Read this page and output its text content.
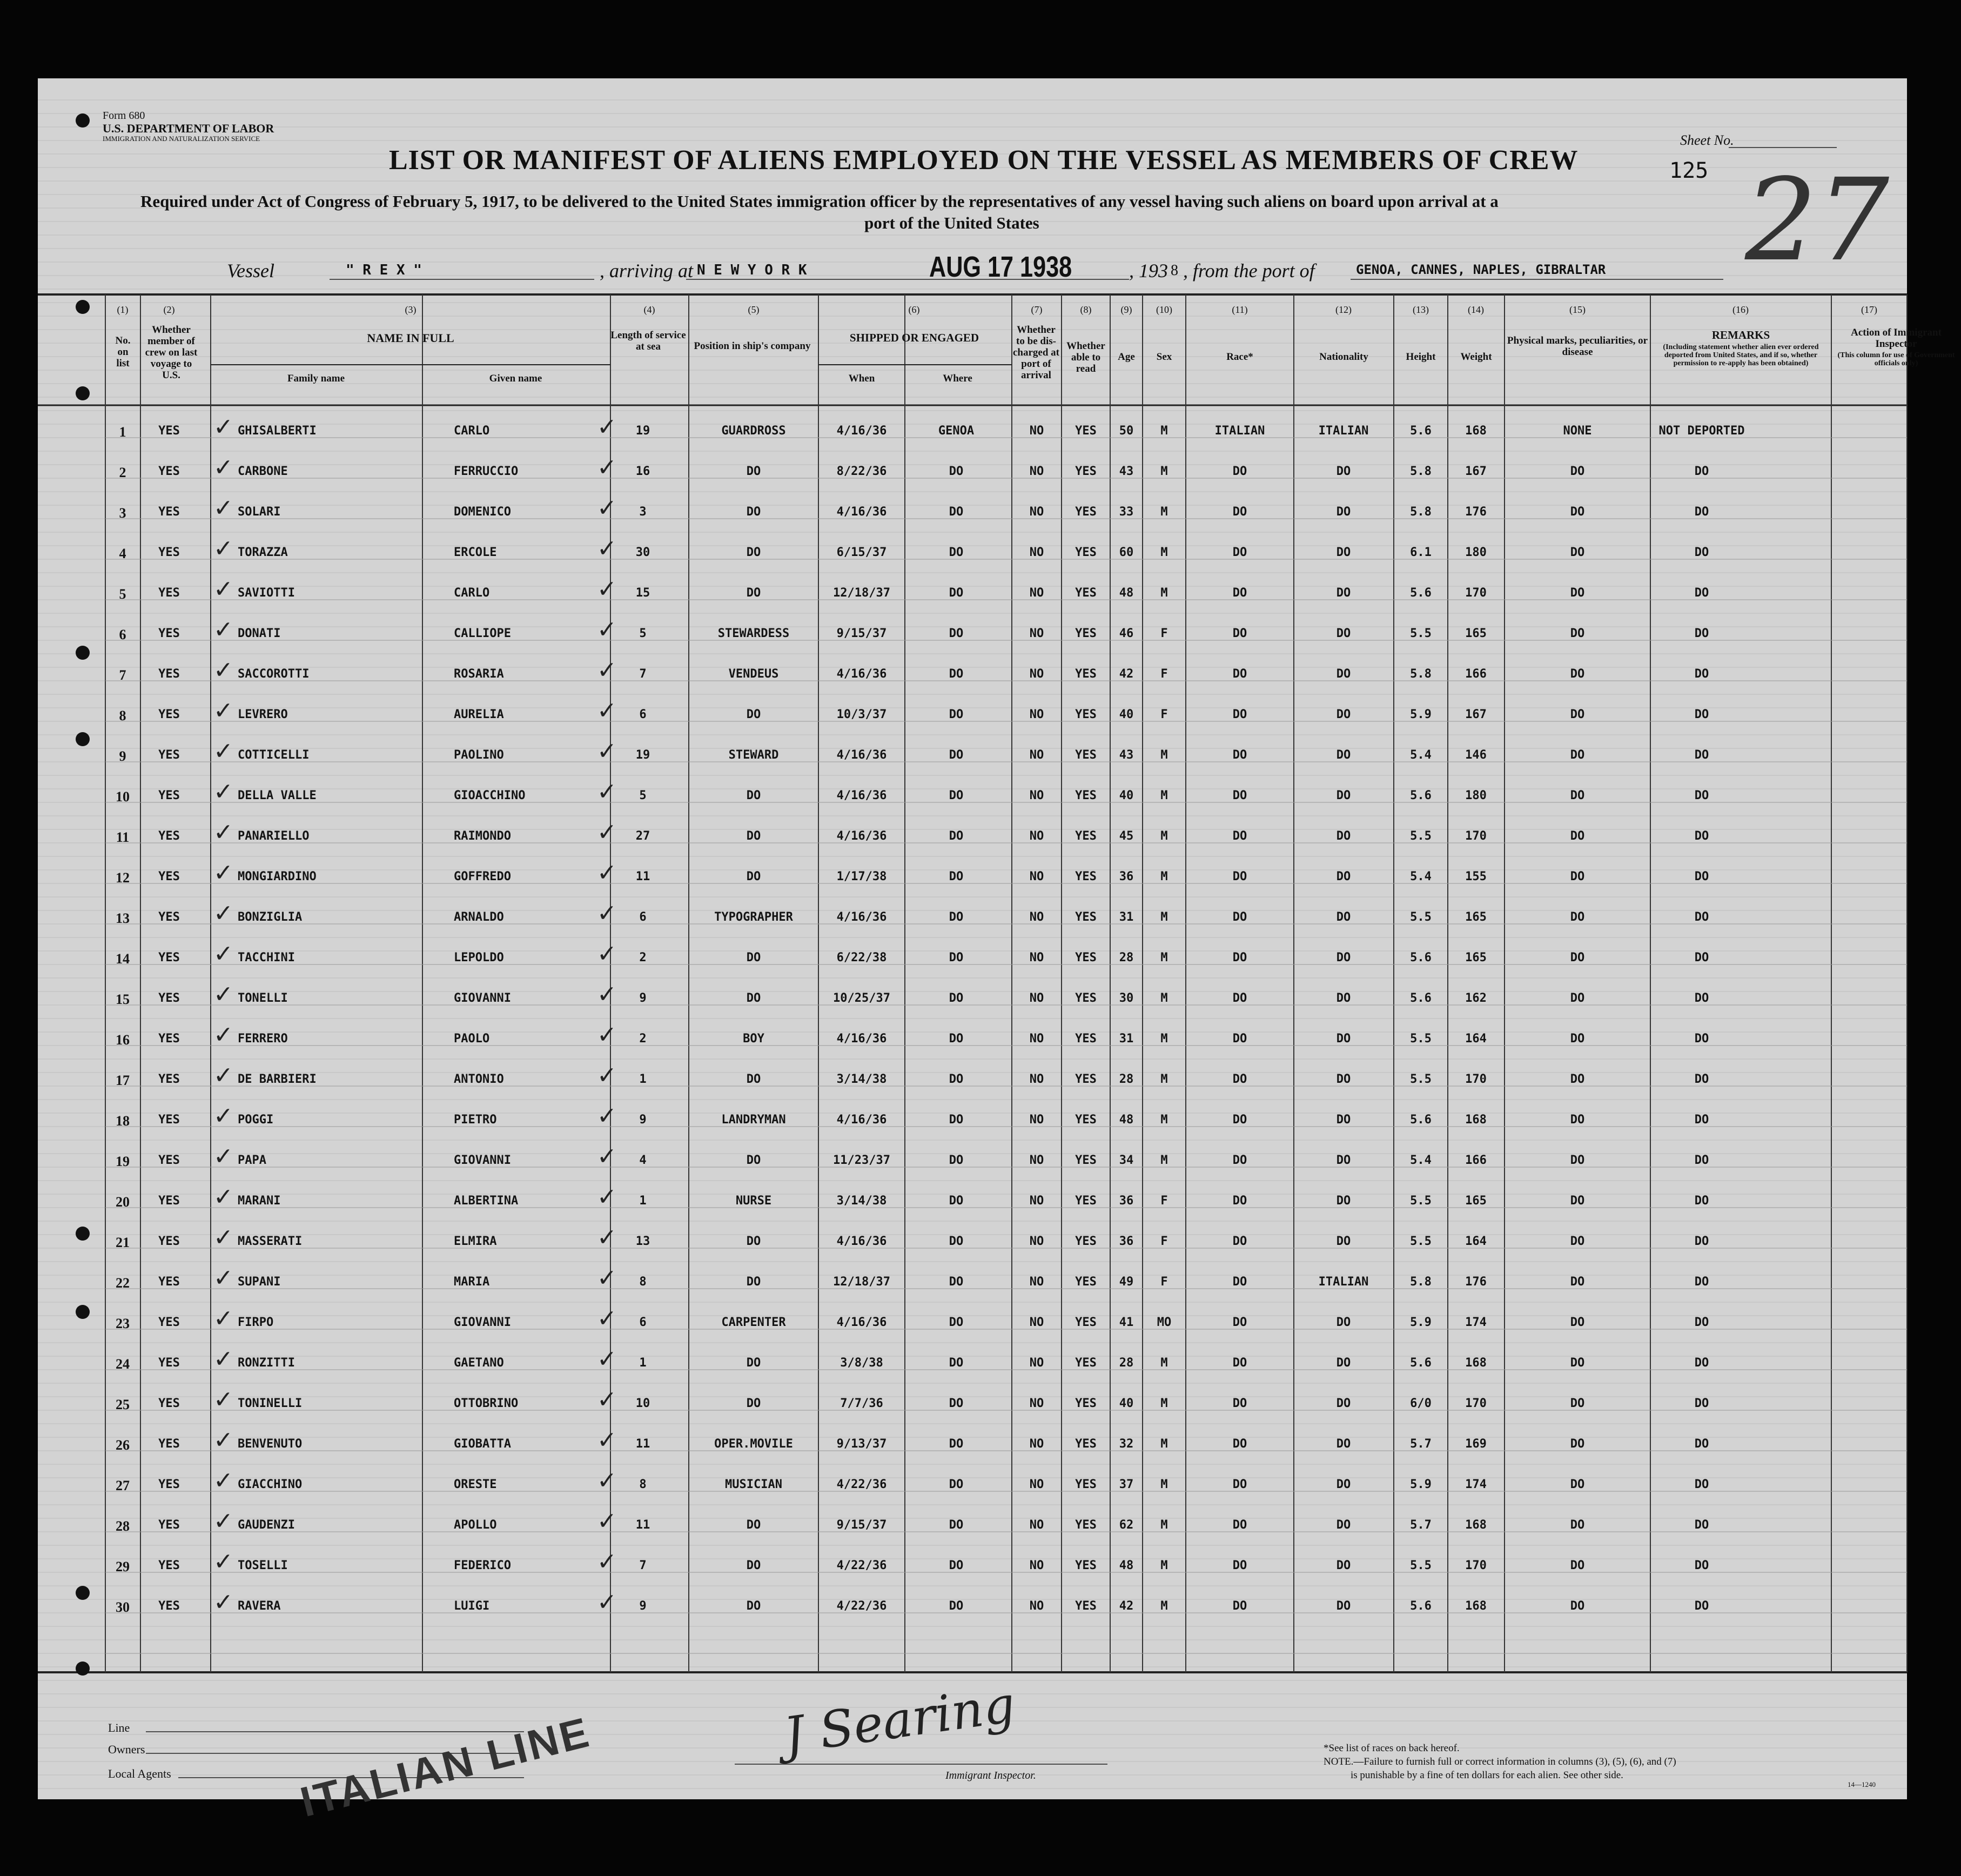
Form 680
U.S. DEPARTMENT OF LABOR
IMMIGRATION AND NATURALIZATION SERVICE
LIST OR MANIFEST OF ALIENS EMPLOYED ON THE VESSEL AS MEMBERS OF CREW
Sheet No.
125 27
Required under Act of Congress of February 5, 1917, to be delivered to the United States immigration officer by the representatives of any vessel having such aliens on board upon arrival at a
port of the United States
Vessel	" R E X "	, arriving at N E W Y O R K	AUG 17 1938	, 193 8 , from the port of	GENOA, CANNES, NAPLES, GIBRALTAR
(1)	(2)	(3)	(4)	(5)	(6)	(7)	(8)	(9)	(10)	(11)	(12)	(13)	(14)	(15)	(16)	(17)
No. on list
Whether member of crew on last voyage to U.S.
NAME IN FULL
Family name	Given name
Length of service at sea	Position in ship's company
SHIPPED OR ENGAGED
When	Where
Whether to be dis-charged at port of arrival
Whether able to read
Age	Sex	Race*	Nationality	Height	Weight
Physical marks, peculiarities, or disease
REMARKS
(Including statement whether alien ever ordered deported from United States, and if so, whether permission to re-apply has been obtained)
Action of Immigrant Inspector
(This column for use of Government officials only)
1	YES	GHISALBERTI	CARLO	19	GUARDROSS	4/16/36	GENOA	NO	YES 50 M	ITALIAN	ITALIAN	5.6	168	NONE	NOT DEPORTED
✓	✓
2	YES	CARBONE	FERRUCCIO	16	DO	8/22/36	DO	NO	YES 43 M	DO	DO	5.8	167	DO	DO
✓	✓
3	YES	SOLARI	DOMENICO	3	DO	4/16/36	DO	NO	YES 33 M	DO	DO	5.8	176	DO	DO
✓	✓
4	YES	TORAZZA	ERCOLE	30	DO	6/15/37	DO	NO	YES 60 M	DO	DO	6.1	180	DO	DO
✓	✓
5	YES	SAVIOTTI	CARLO	15	DO	12/18/37	DO	NO	YES 48 M	DO	DO	5.6	170	DO	DO
✓	✓
6	YES	DONATI	CALLIOPE	5	STEWARDESS	9/15/37	DO	NO	YES 46 F	DO	DO	5.5	165	DO	DO
✓	✓
7	YES	SACCOROTTI	ROSARIA	7	VENDEUS	4/16/36	DO	NO	YES 42 F	DO	DO	5.8	166	DO	DO
✓	✓
8	YES	LEVRERO	AURELIA	6	DO	10/3/37	DO	NO	YES 40 F	DO	DO	5.9	167	DO	DO
✓	✓
9	YES	COTTICELLI	PAOLINO	19	STEWARD	4/16/36	DO	NO	YES 43 M	DO	DO	5.4	146	DO	DO
✓	✓
10 YES	DELLA VALLE	GIOACCHINO	5	DO	4/16/36	DO	NO	YES 40 M	DO	DO	5.6	180	DO	DO
✓	✓
11 YES	PANARIELLO	RAIMONDO	27	DO	4/16/36	DO	NO	YES 45 M	DO	DO	5.5	170	DO	DO
✓	✓
12 YES	MONGIARDINO	GOFFREDO	11	DO	1/17/38	DO	NO	YES 36 M	DO	DO	5.4	155	DO	DO
✓	✓
13 YES	BONZIGLIA	ARNALDO	6	TYPOGRAPHER	4/16/36	DO	NO	YES 31 M	DO	DO	5.5	165	DO	DO
✓	✓
14 YES	TACCHINI	LEPOLDO	2	DO	6/22/38	DO	NO	YES 28 M	DO	DO	5.6	165	DO	DO
✓	✓
15 YES	TONELLI	GIOVANNI	9	DO	10/25/37	DO	NO	YES 30 M	DO	DO	5.6	162	DO	DO
✓	✓
16 YES	FERRERO	PAOLO	2	BOY	4/16/36	DO	NO	YES 31 M	DO	DO	5.5	164	DO	DO
✓	✓
17 YES	DE BARBIERI	ANTONIO	1	DO	3/14/38	DO	NO	YES 28 M	DO	DO	5.5	170	DO	DO
✓	✓
18 YES	POGGI	PIETRO	9	LANDRYMAN	4/16/36	DO	NO	YES 48 M	DO	DO	5.6	168	DO	DO
✓	✓
19 YES	PAPA	GIOVANNI	4	DO	11/23/37	DO	NO	YES 34 M	DO	DO	5.4	166	DO	DO
✓	✓
20 YES	MARANI	ALBERTINA	1	NURSE	3/14/38	DO	NO	YES 36 F	DO	DO	5.5	165	DO	DO
✓	✓
21 YES	MASSERATI	ELMIRA	13	DO	4/16/36	DO	NO	YES 36 F	DO	DO	5.5	164	DO	DO
✓	✓
22 YES	SUPANI	MARIA	8	DO	12/18/37	DO	NO	YES 49 F	DO	ITALIAN	5.8	176	DO	DO
✓	✓
23 YES	FIRPO	GIOVANNI	6	CARPENTER	4/16/36	DO	NO	YES 41 MO	DO	DO	5.9	174	DO	DO
✓	✓
24 YES	RONZITTI	GAETANO	1	DO	3/8/38	DO	NO	YES 28 M	DO	DO	5.6	168	DO	DO
✓	✓
25 YES	TONINELLI	OTTOBRINO	10	DO	7/7/36	DO	NO	YES 40 M	DO	DO	6/0	170	DO	DO
✓	✓
26 YES	BENVENUTO	GIOBATTA	11	OPER.MOVILE	9/13/37	DO	NO	YES 32 M	DO	DO	5.7	169	DO	DO
✓	✓
27 YES	GIACCHINO	ORESTE	8	MUSICIAN	4/22/36	DO	NO	YES 37 M	DO	DO	5.9	174	DO	DO
✓	✓
28 YES	GAUDENZI	APOLLO	11	DO	9/15/37	DO	NO	YES 62 M	DO	DO	5.7	168	DO	DO
✓	✓
29 YES	TOSELLI	FEDERICO	7	DO	4/22/36	DO	NO	YES 48 M	DO	DO	5.5	170	DO	DO
✓	✓
30 YES	RAVERA	LUIGI	9	DO	4/22/36	DO	NO	YES 42 M	DO	DO	5.6	168	DO	DO
✓	✓
Line
Owners
Local Agents	ITALIAN LINE	J Searing
Immigrant Inspector.
*See list of races on back hereof.
NOTE.—Failure to furnish full or correct information in columns (3), (5), (6), and (7)
is punishable by a fine of ten dollars for each alien. See other side.
14—1240
